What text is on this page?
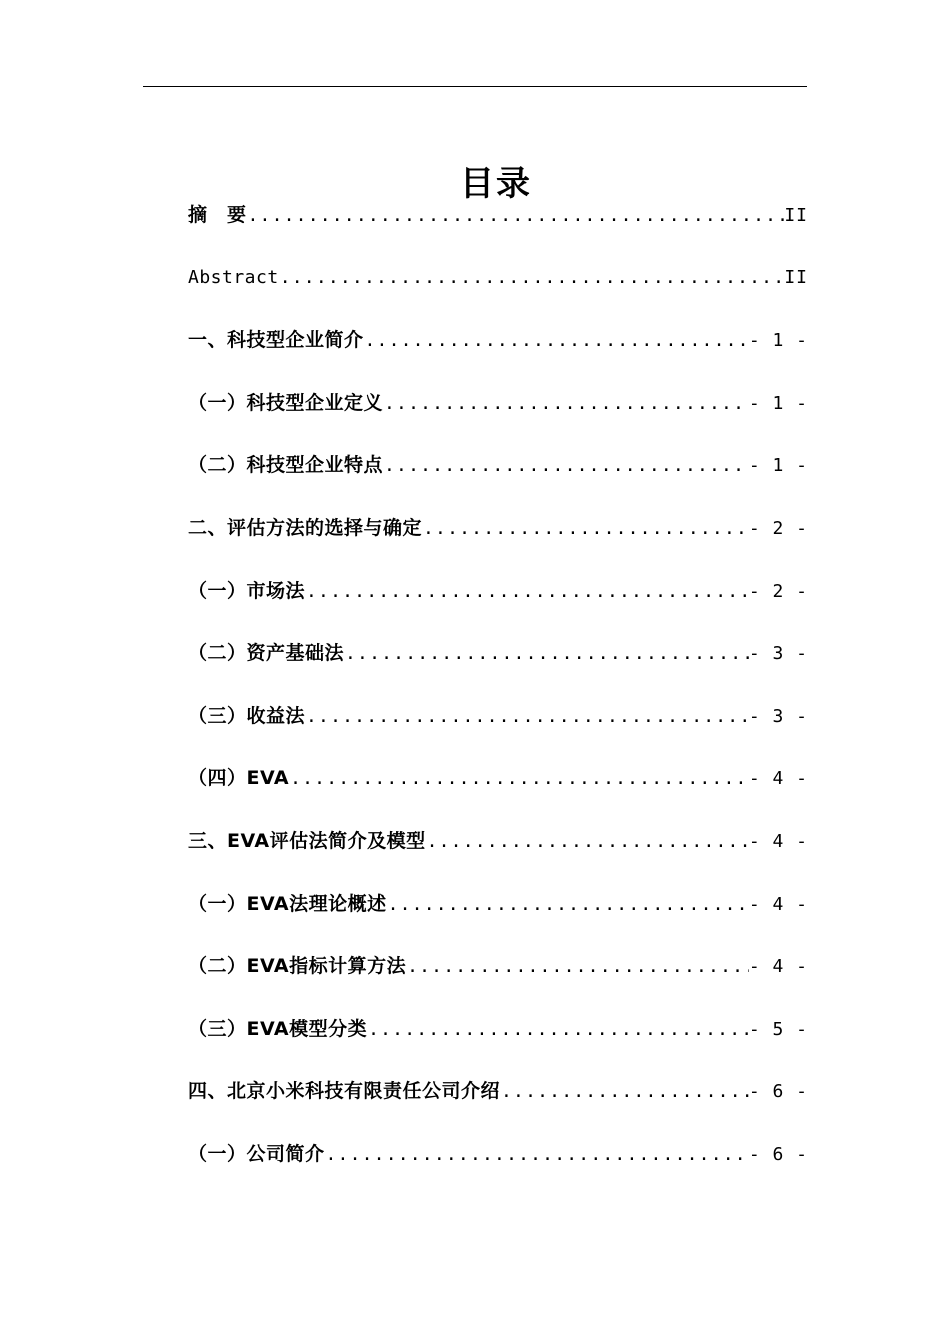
目录
摘　要 .....	II
Abstract .....	II
一、科技型企业简介 .....	- 1 -
（一）科技型企业定义 .....	- 1 -
（二）科技型企业特点 .....	- 1 -
二、评估方法的选择与确定 .....	- 2 -
（一）市场法 .....	- 2 -
（二）资产基础法 .....	- 3 -
（三）收益法 .....	- 3 -
（四）EVA .....	- 4 -
三、EVA评估法简介及模型 .....	- 4 -
（一）EVA法理论概述 .....	- 4 -
（二）EVA指标计算方法 .....	- 4 -
（三）EVA模型分类 .....	- 5 -
四、北京小米科技有限责任公司介绍 .....	- 6 -
（一）公司简介 .....	- 6 -
